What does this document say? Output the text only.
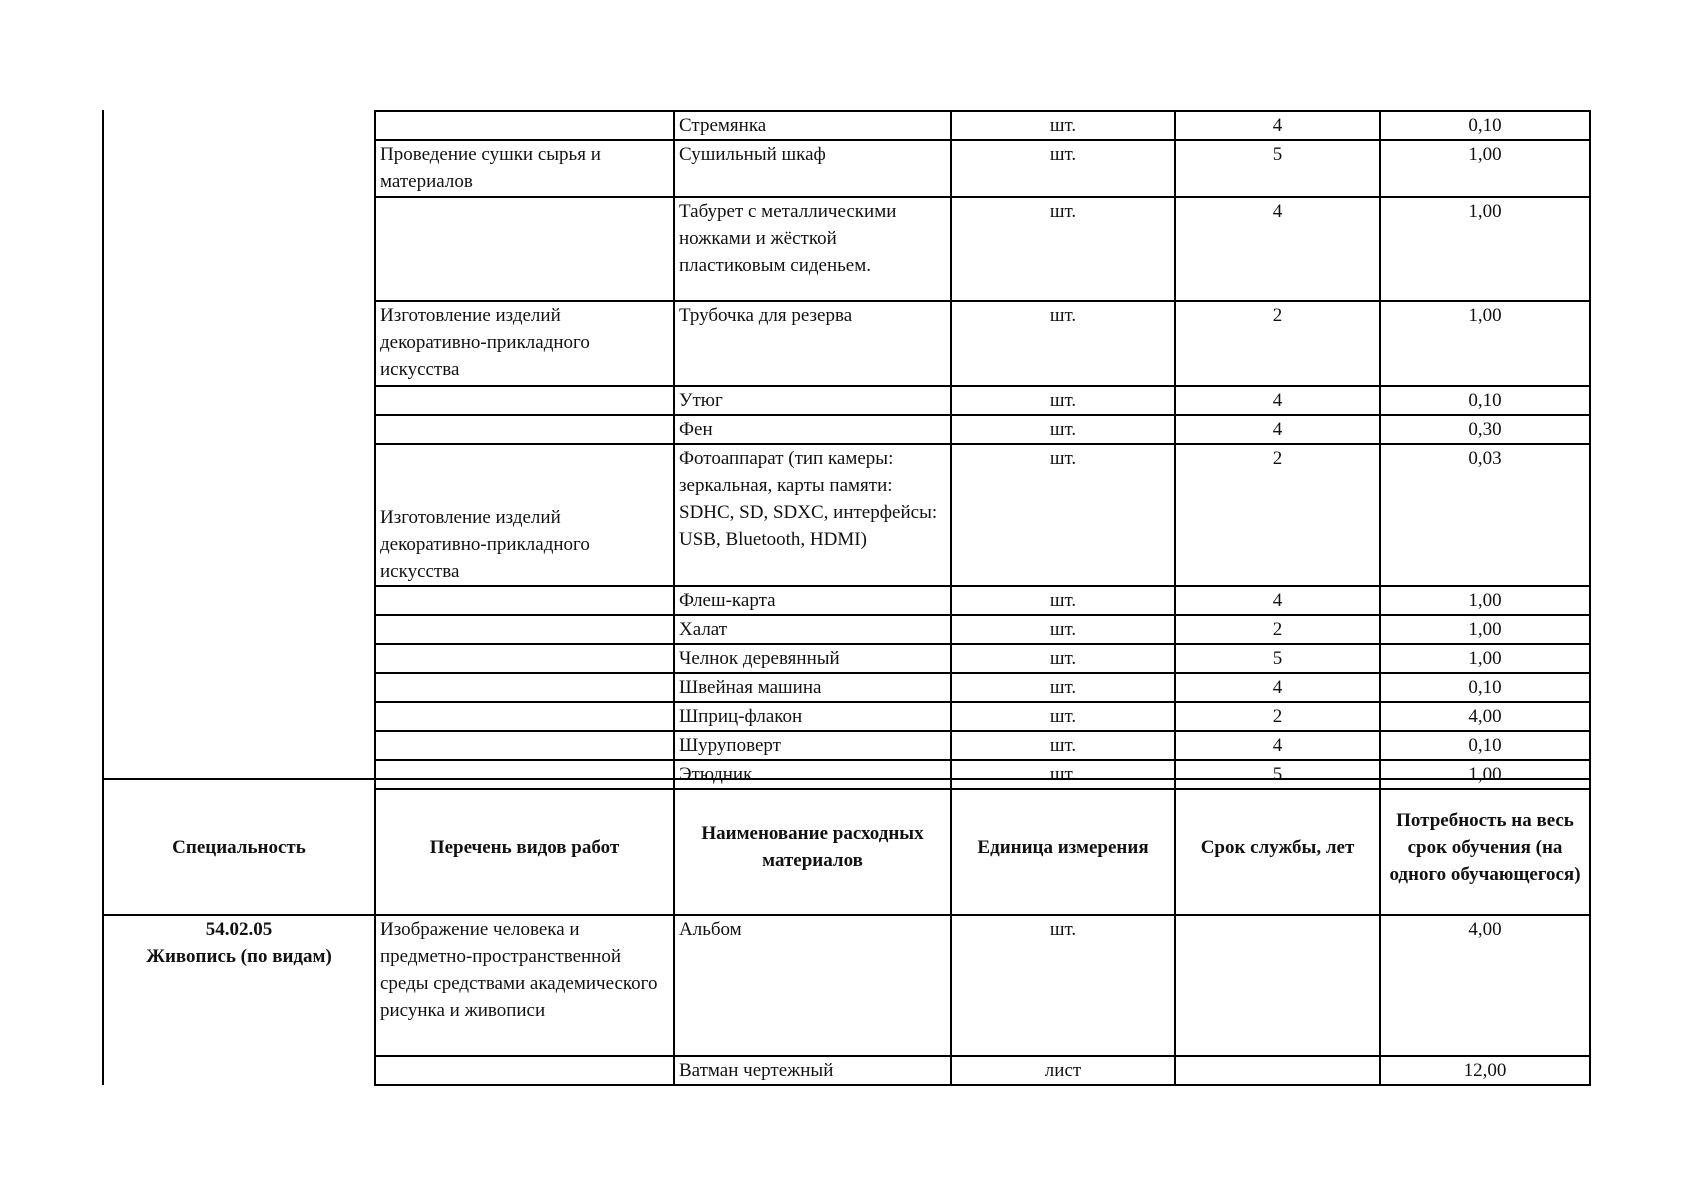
	Стремянка	шт.	4	0,10
Проведение сушки сырья и материалов	Сушильный шкаф	шт.	5	1,00
	Табурет с металлическими ножками и жёсткой пластиковым сиденьем.	шт.	4	1,00
Изготовление изделий декоративно-прикладного искусства	Трубочка для резерва	шт.	2	1,00
	Утюг	шт.	4	0,10
	Фен	шт.	4	0,30
Изготовление изделий декоративно-прикладного искусства	Фотоаппарат (тип камеры: зеркальная, карты памяти: SDHC, SD, SDXC, интерфейсы: USB, Bluetooth, HDMI)	шт.	2	0,03
	Флеш-карта	шт.	4	1,00
	Халат	шт.	2	1,00
	Челнок деревянный	шт.	5	1,00
	Швейная машина	шт.	4	0,10
	Шприц-флакон	шт.	2	4,00
	Шуруповерт	шт.	4	0,10
	Этюдник	шт.	5	1,00
Специальность	Перечень видов работ	Наименование расходных материалов	Единица измерения	Срок службы, лет	Потребность на весь срок обучения (на одного обучающегося)

54.02.05
Живопись (по видам)	Изображение человека и предметно-пространственной среды средствами академического рисунка и живописи	Альбом	шт.		4,00
		Ватман чертежный	лист		12,00
